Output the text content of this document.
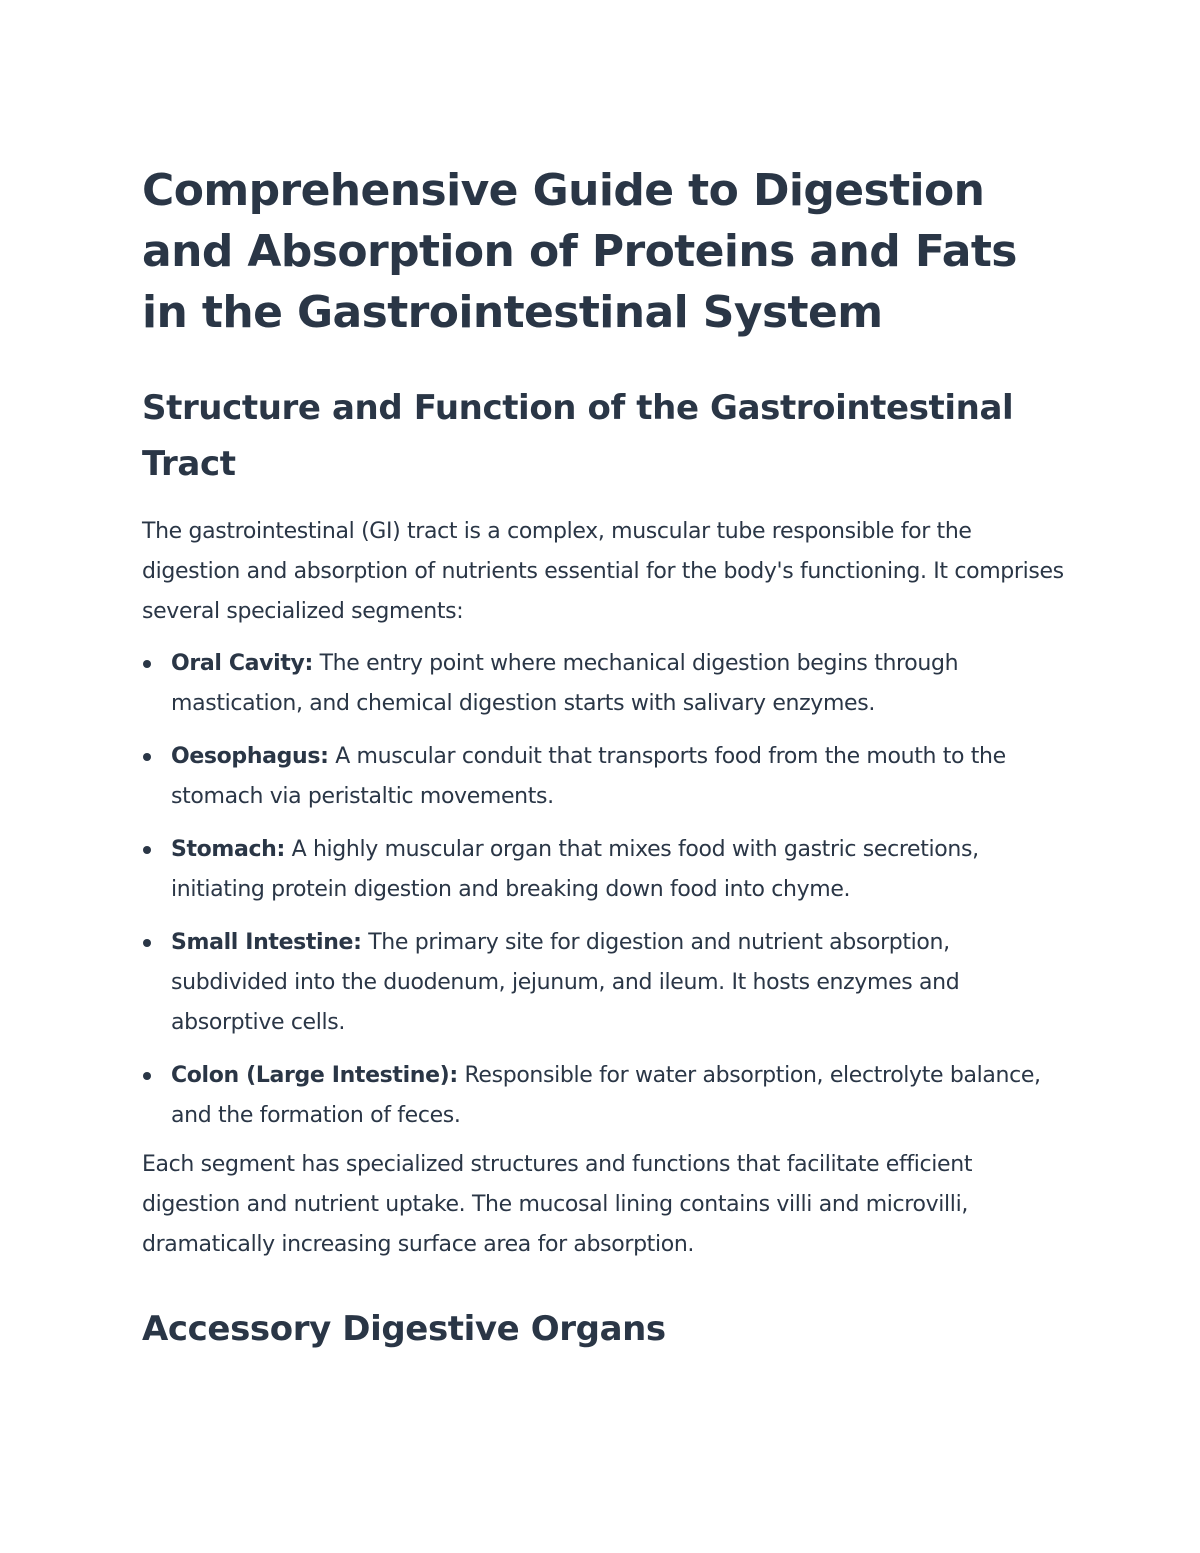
Comprehensive Guide to Digestion and Absorption of Proteins and Fats in the Gastrointestinal System
Structure and Function of the Gastrointestinal Tract

The gastrointestinal (GI) tract is a complex, muscular tube responsible for the digestion and absorption of nutrients essential for the body's functioning. It comprises several specialized segments:

Oral Cavity: The entry point where mechanical digestion begins through mastication, and chemical digestion starts with salivary enzymes.
Oesophagus: A muscular conduit that transports food from the mouth to the stomach via peristaltic movements.
Stomach: A highly muscular organ that mixes food with gastric secretions, initiating protein digestion and breaking down food into chyme.
Small Intestine: The primary site for digestion and nutrient absorption, subdivided into the duodenum, jejunum, and ileum. It hosts enzymes and absorptive cells.
Colon (Large Intestine): Responsible for water absorption, electrolyte balance, and the formation of feces.

Each segment has specialized structures and functions that facilitate efficient digestion and nutrient uptake. The mucosal lining contains villi and microvilli, dramatically increasing surface area for absorption.

Accessory Digestive Organs
